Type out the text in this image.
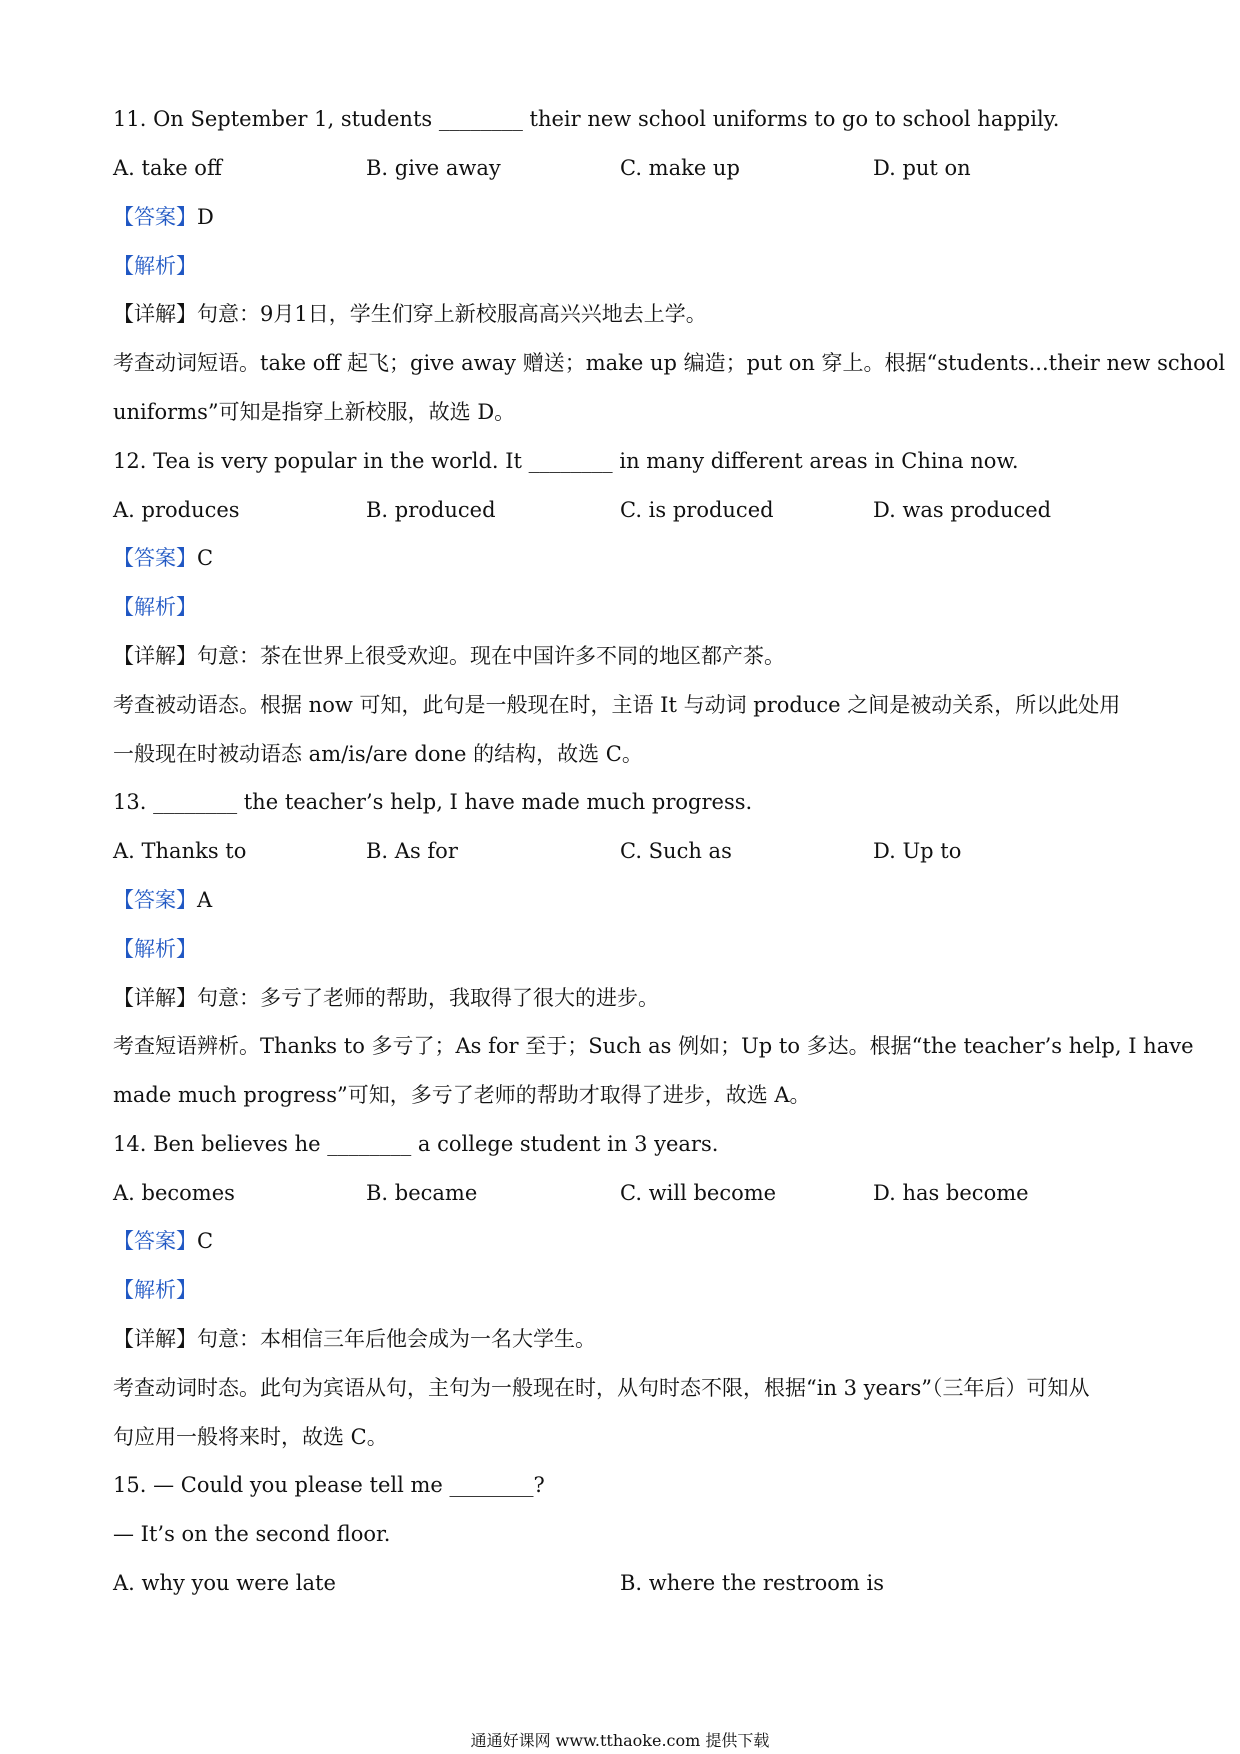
11. On September 1, students ________ their new school uniforms to go to school happily.
A. take off	B. give away	C. make up	D. put on
【答案】D
【解析】
【详解】句意：9月1日，学生们穿上新校服高高兴兴地去上学。
考查动词短语。take off 起飞；give away 赠送；make up 编造；put on 穿上。根据“students...their new school
uniforms”可知是指穿上新校服，故选 D。
12. Tea is very popular in the world. It ________ in many different areas in China now.
A. produces	B. produced	C. is produced	D. was produced
【答案】C
【解析】
【详解】句意：茶在世界上很受欢迎。现在中国许多不同的地区都产茶。
考查被动语态。根据 now 可知，此句是一般现在时，主语 It 与动词 produce 之间是被动关系，所以此处用
一般现在时被动语态 am/is/are done 的结构，故选 C。
13. ________ the teacher’s help, I have made much progress.
A. Thanks to	B. As for	C. Such as	D. Up to
【答案】A
【解析】
【详解】句意：多亏了老师的帮助，我取得了很大的进步。
考查短语辨析。Thanks to 多亏了；As for 至于；Such as 例如；Up to 多达。根据“the teacher’s help, I have
made much progress”可知，多亏了老师的帮助才取得了进步，故选 A。
14. Ben believes he ________ a college student in 3 years.
A. becomes	B. became	C. will become	D. has become
【答案】C
【解析】
【详解】句意：本相信三年后他会成为一名大学生。
考查动词时态。此句为宾语从句，主句为一般现在时，从句时态不限，根据“in 3 years”（三年后）可知从
句应用一般将来时，故选 C。
15. — Could you please tell me ________?
— It’s on the second floor.
A. why you were late	B. where the restroom is
通通好课网 www.tthaoke.com 提供下载
